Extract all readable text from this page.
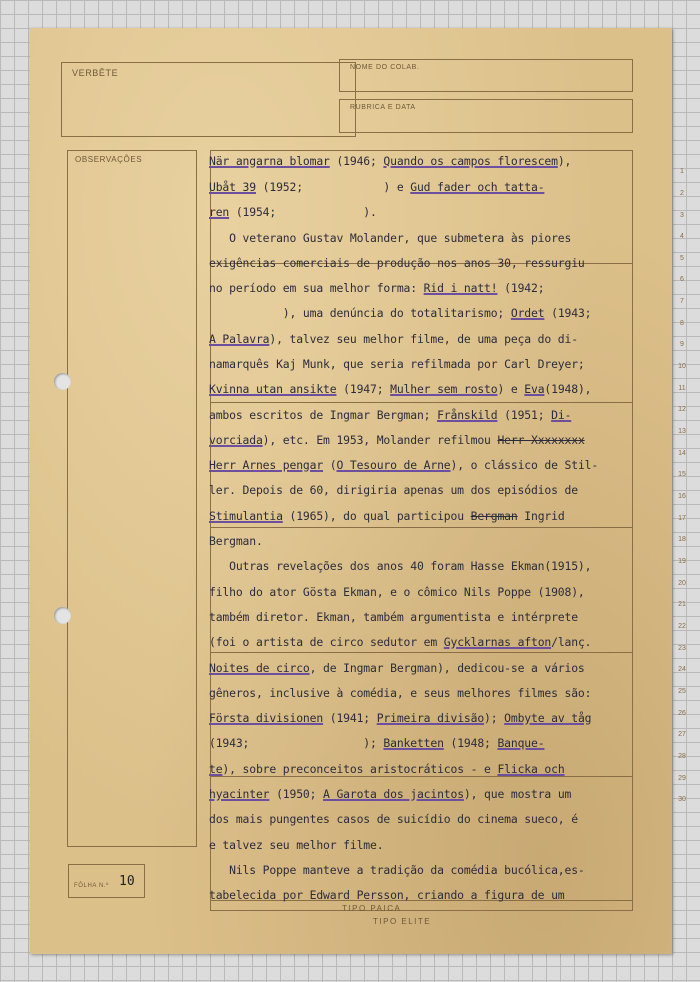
VERBÊTE
NOME DO COLAB.
RUBRICA E DATA
OBSERVAÇÕES
FÔLHA N.º 10
TIPO PAICA
TIPO ELITE
1
2
3
4
5
6
7
8
9
10
11
12
13
14
15
16
17
18
19
20
21
22
23
24
25
26
27
28
29
30
När angarna blomar (1946; Quando os campos florescem),
Ubåt 39 (1952;            ) e Gud fader och tatta-
ren (1954;             ).
O veterano Gustav Molander, que submetera às piores
exigências comerciais de produção nos anos 30, ressurgiu
no período em sua melhor forma: Rid i natt! (1942;
), uma denúncia do totalitarismo; Ordet (1943;
A Palavra), talvez seu melhor filme, de uma peça do di-
namarquês Kaj Munk, que seria refilmada por Carl Dreyer;
Kvinna utan ansikte (1947; Mulher sem rosto) e Eva(1948),
ambos escritos de Ingmar Bergman; Frånskild (1951; Di-
vorciada), etc. Em 1953, Molander refilmou Herr Xxxxxxxx
Herr Arnes pengar (O Tesouro de Arne), o clássico de Stil-
ler. Depois de 60, dirigiria apenas um dos episódios de
Stimulantia (1965), do qual participou Bergman Ingrid
Bergman.
Outras revelações dos anos 40 foram Hasse Ekman(1915),
filho do ator Gösta Ekman, e o cômico Nils Poppe (1908),
também diretor. Ekman, também argumentista e intérprete
(foi o artista de circo sedutor em Gycklarnas afton/lanç.
Noites de circo, de Ingmar Bergman), dedicou-se a vários
gêneros, inclusive à comédia, e seus melhores filmes são:
Första divisionen (1941; Primeira divisão); Ombyte av tåg
(1943;                 ); Banketten (1948; Banque-
te), sobre preconceitos aristocráticos - e Flicka och
hyacinter (1950; A Garota dos jacintos), que mostra um
dos mais pungentes casos de suicídio do cinema sueco, é
e talvez seu melhor filme.
Nils Poppe manteve a tradição da comédia bucólica,es-
tabelecida por Edward Persson, criando a figura de um
